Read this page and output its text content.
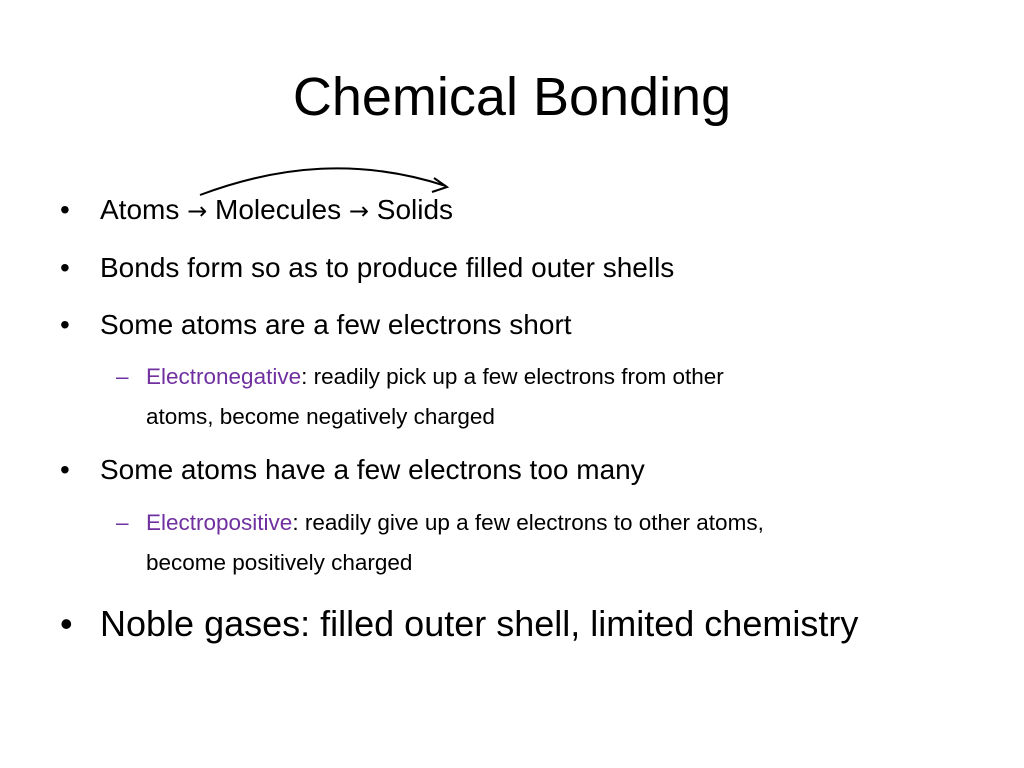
Chemical Bonding
• Atoms → Molecules → Solids
• Bonds form so as to produce filled outer shells
• Some atoms are a few electrons short
– Electronegative: readily pick up a few electrons from other
atoms, become negatively charged
• Some atoms have a few electrons too many
– Electropositive: readily give up a few electrons to other atoms,
become positively charged
• Noble gases: filled outer shell, limited chemistry
